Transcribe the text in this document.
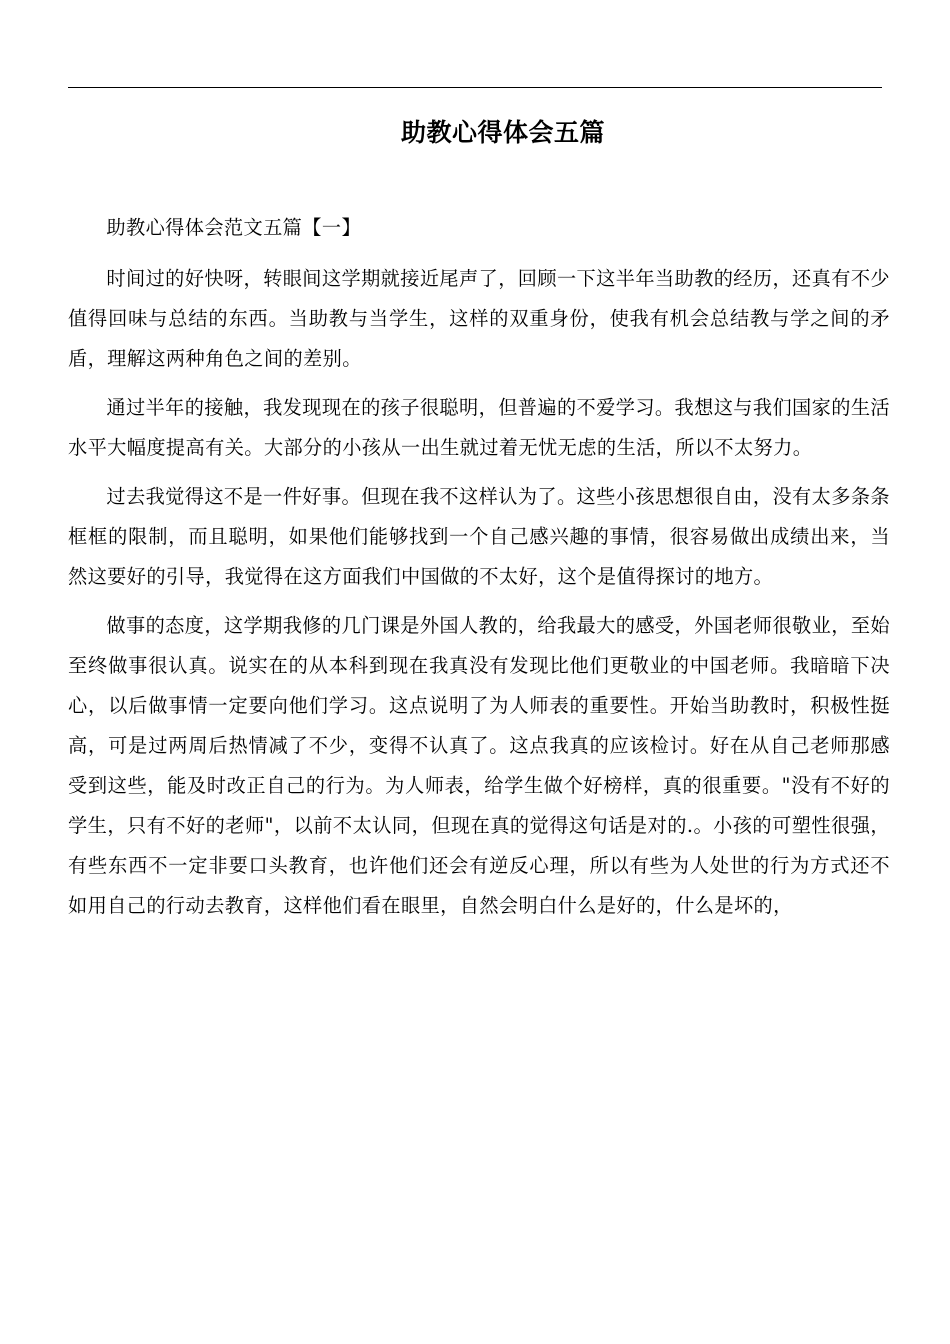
助教心得体会五篇

助教心得体会范文五篇【一】

时间过的好快呀，转眼间这学期就接近尾声了，回顾一下这半年当助教的经历，还真有不少值得回味与总结的东西。当助教与当学生，这样的双重身份，使我有机会总结教与学之间的矛盾，理解这两种角色之间的差别。

通过半年的接触，我发现现在的孩子很聪明，但普遍的不爱学习。我想这与我们国家的生活水平大幅度提高有关。大部分的小孩从一出生就过着无忧无虑的生活，所以不太努力。

过去我觉得这不是一件好事。但现在我不这样认为了。这些小孩思想很自由，没有太多条条框框的限制，而且聪明，如果他们能够找到一个自己感兴趣的事情，很容易做出成绩出来，当然这要好的引导，我觉得在这方面我们中国做的不太好，这个是值得探讨的地方。

做事的态度，这学期我修的几门课是外国人教的，给我最大的感受，外国老师很敬业，至始至终做事很认真。说实在的从本科到现在我真没有发现比他们更敬业的中国老师。我暗暗下决心，以后做事情一定要向他们学习。这点说明了为人师表的重要性。开始当助教时，积极性挺高，可是过两周后热情减了不少，变得不认真了。这点我真的应该检讨。好在从自己老师那感受到这些，能及时改正自己的行为。为人师表，给学生做个好榜样，真的很重要。"没有不好的学生，只有不好的老师"，以前不太认同，但现在真的觉得这句话是对的.。小孩的可塑性很强，有些东西不一定非要口头教育，也许他们还会有逆反心理，所以有些为人处世的行为方式还不如用自己的行动去教育，这样他们看在眼里，自然会明白什么是好的，什么是坏的，
